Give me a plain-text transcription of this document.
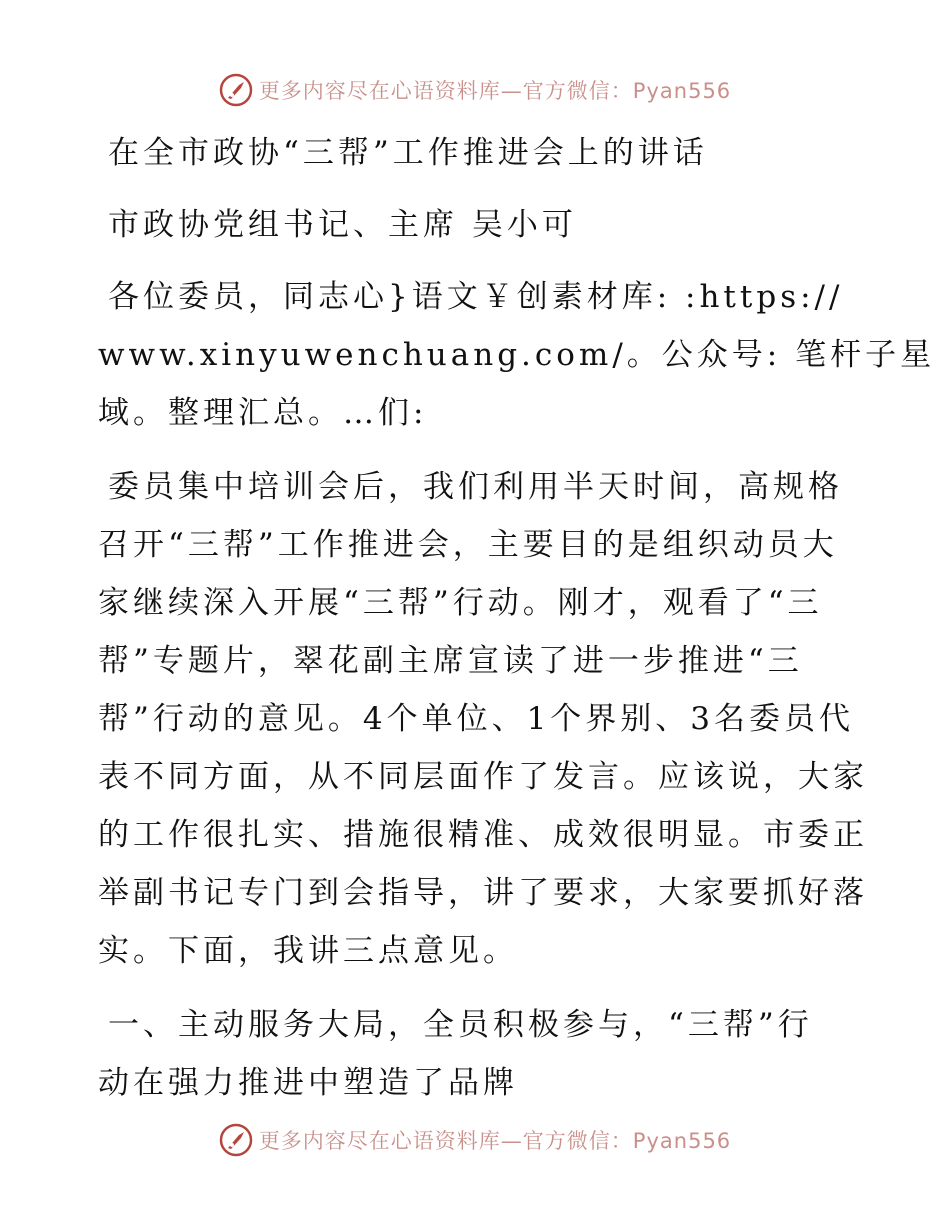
更多内容尽在心语资料库—官方微信：Pyan556
在全市政协“三帮”工作推进会上的讲话
市政协党组书记、主席 吴小可
各位委员，同志心}语文￥创素材库: :https://
www.xinyuwenchuang.com/。公众号: 笔杆子星
域。整理汇总。…们:
委员集中培训会后，我们利用半天时间，高规格
召开“三帮”工作推进会，主要目的是组织动员大
家继续深入开展“三帮”行动。刚才，观看了“三
帮”专题片，翠花副主席宣读了进一步推进“三
帮”行动的意见。4个单位、1个界别、3名委员代
表不同方面，从不同层面作了发言。应该说，大家
的工作很扎实、措施很精准、成效很明显。市委正
举副书记专门到会指导，讲了要求，大家要抓好落
实。下面，我讲三点意见。
一、主动服务大局，全员积极参与，“三帮”行
动在强力推进中塑造了品牌
更多内容尽在心语资料库—官方微信：Pyan556
